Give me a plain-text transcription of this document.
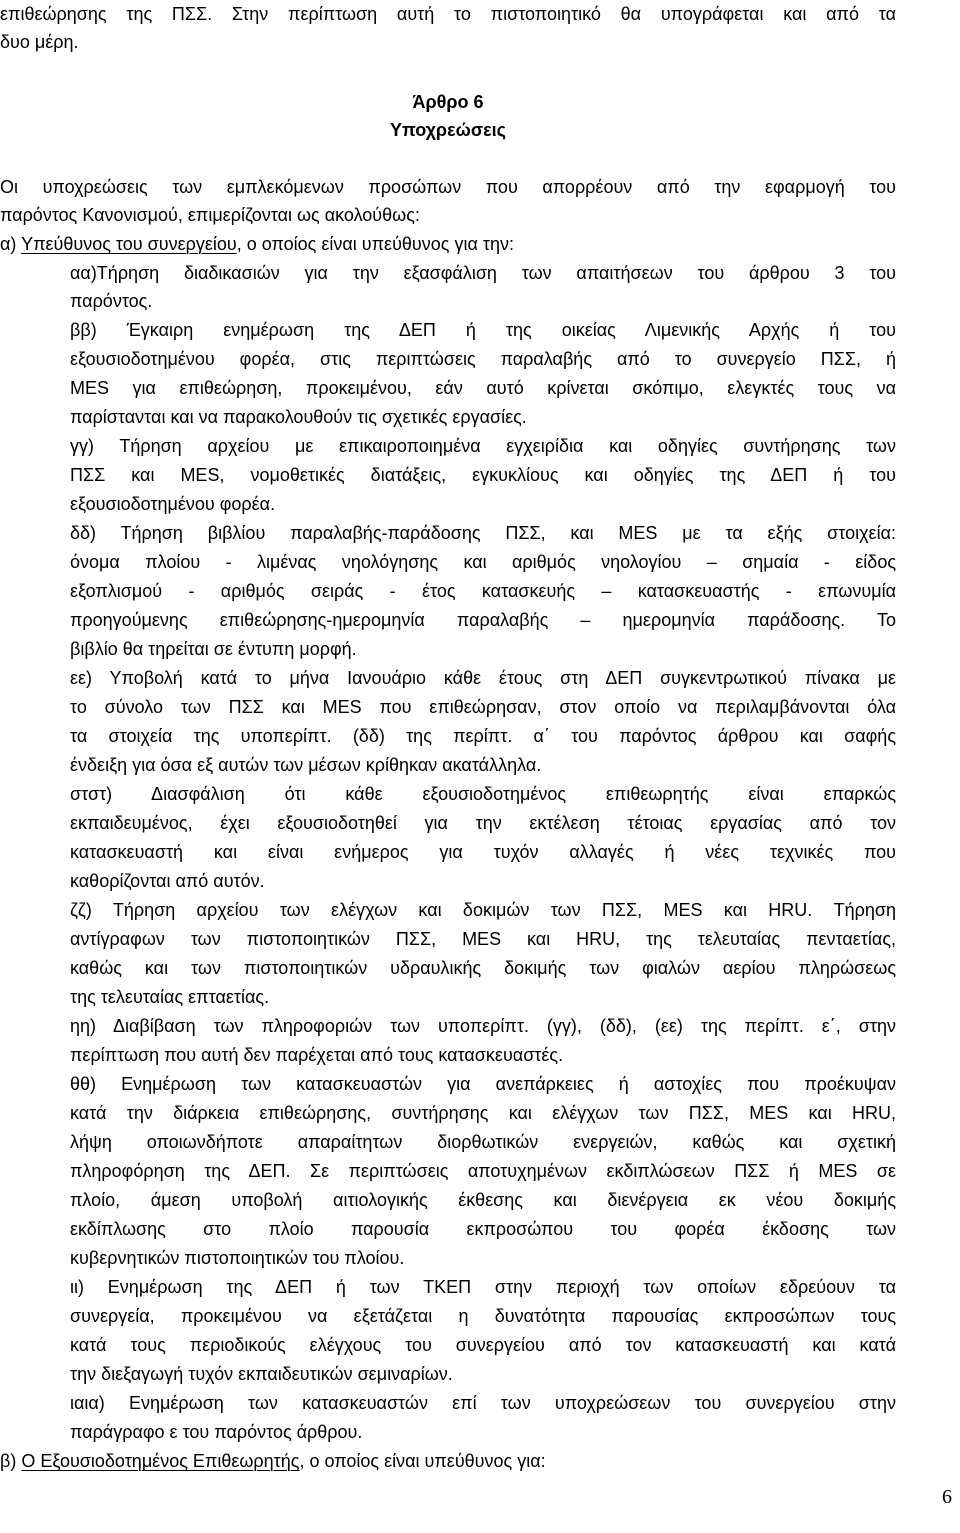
επιθεώρησης της ΠΣΣ. Στην περίπτωση αυτή το πιστοποιητικό θα υπογράφεται και από τα
δυο μέρη.
Άρθρο 6
Υποχρεώσεις
Οι υποχρεώσεις των εμπλεκόμενων προσώπων που απορρέουν από την εφαρμογή του
παρόντος Κανονισμού, επιμερίζονται ως ακολούθως:
α) Υπεύθυνος του συνεργείου, ο οποίος είναι υπεύθυνος για την:
αα)Τήρηση διαδικασιών για την εξασφάλιση των απαιτήσεων του άρθρου 3 του
παρόντος.
ββ) Έγκαιρη ενημέρωση της ΔΕΠ ή της οικείας Λιμενικής Αρχής ή του
εξουσιοδοτημένου φορέα, στις περιπτώσεις παραλαβής από το συνεργείο ΠΣΣ, ή
MES για επιθεώρηση, προκειμένου, εάν αυτό κρίνεται σκόπιμο, ελεγκτές τους να
παρίστανται και να παρακολουθούν τις σχετικές εργασίες.
γγ) Τήρηση αρχείου με επικαιροποιημένα εγχειρίδια και οδηγίες συντήρησης των
ΠΣΣ και MES, νομοθετικές διατάξεις, εγκυκλίους και οδηγίες της ΔΕΠ ή του
εξουσιοδοτημένου φορέα.
δδ) Τήρηση βιβλίου παραλαβής-παράδοσης ΠΣΣ, και MES με τα εξής στοιχεία:
όνομα πλοίου - λιμένας νηολόγησης και αριθμός νηολογίου – σημαία - είδος
εξοπλισμού - αριθμός σειράς - έτος κατασκευής – κατασκευαστής - επωνυμία
προηγούμενης επιθεώρησης-ημερομηνία παραλαβής – ημερομηνία παράδοσης. Το
βιβλίο θα τηρείται σε έντυπη μορφή.
εε) Υποβολή κατά το μήνα Ιανουάριο κάθε έτους στη ΔΕΠ συγκεντρωτικού πίνακα με
το σύνολο των ΠΣΣ και MES που επιθεώρησαν, στον οποίο να περιλαμβάνονται όλα
τα στοιχεία της υποπερίπτ. (δδ) της περίπτ. α΄ του παρόντος άρθρου και σαφής
ένδειξη για όσα εξ αυτών των μέσων κρίθηκαν ακατάλληλα.
στστ) Διασφάλιση ότι κάθε εξουσιοδοτημένος επιθεωρητής είναι επαρκώς
εκπαιδευμένος, έχει εξουσιοδοτηθεί για την εκτέλεση τέτοιας εργασίας από τον
κατασκευαστή και είναι ενήμερος για τυχόν αλλαγές ή νέες τεχνικές που
καθορίζονται από αυτόν.
ζζ) Τήρηση αρχείου των ελέγχων και δοκιμών των ΠΣΣ, MES και HRU. Τήρηση
αντίγραφων των πιστοποιητικών ΠΣΣ, MES και HRU, της τελευταίας πενταετίας,
καθώς και των πιστοποιητικών υδραυλικής δοκιμής των φιαλών αερίου πληρώσεως
της τελευταίας επταετίας.
ηη) Διαβίβαση των πληροφοριών των υποπερίπτ. (γγ), (δδ), (εε) της περίπτ. ε΄, στην
περίπτωση που αυτή δεν παρέχεται από τους κατασκευαστές.
θθ) Ενημέρωση των κατασκευαστών για ανεπάρκειες ή αστοχίες που προέκυψαν
κατά την διάρκεια επιθεώρησης, συντήρησης και ελέγχων των ΠΣΣ, MES και HRU,
λήψη οποιωνδήποτε απαραίτητων διορθωτικών ενεργειών, καθώς και σχετική
πληροφόρηση της ΔΕΠ. Σε περιπτώσεις αποτυχημένων εκδιπλώσεων ΠΣΣ ή MES σε
πλοίο, άμεση υποβολή αιτιολογικής έκθεσης και διενέργεια εκ νέου δοκιμής
εκδίπλωσης στο πλοίο παρουσία εκπροσώπου του φορέα έκδοσης των
κυβερνητικών πιστοποιητικών του πλοίου.
ιι) Ενημέρωση της ΔΕΠ ή των ΤΚΕΠ στην περιοχή των οποίων εδρεύουν τα
συνεργεία, προκειμένου να εξετάζεται η δυνατότητα παρουσίας εκπροσώπων τους
κατά τους περιοδικούς ελέγχους του συνεργείου από τον κατασκευαστή και κατά
την διεξαγωγή τυχόν εκπαιδευτικών σεμιναρίων.
ιαια) Ενημέρωση των κατασκευαστών επί των υποχρεώσεων του συνεργείου στην
παράγραφο ε του παρόντος άρθρου.
β) Ο Εξουσιοδοτημένος Επιθεωρητής, ο οποίος είναι υπεύθυνος για:
6
